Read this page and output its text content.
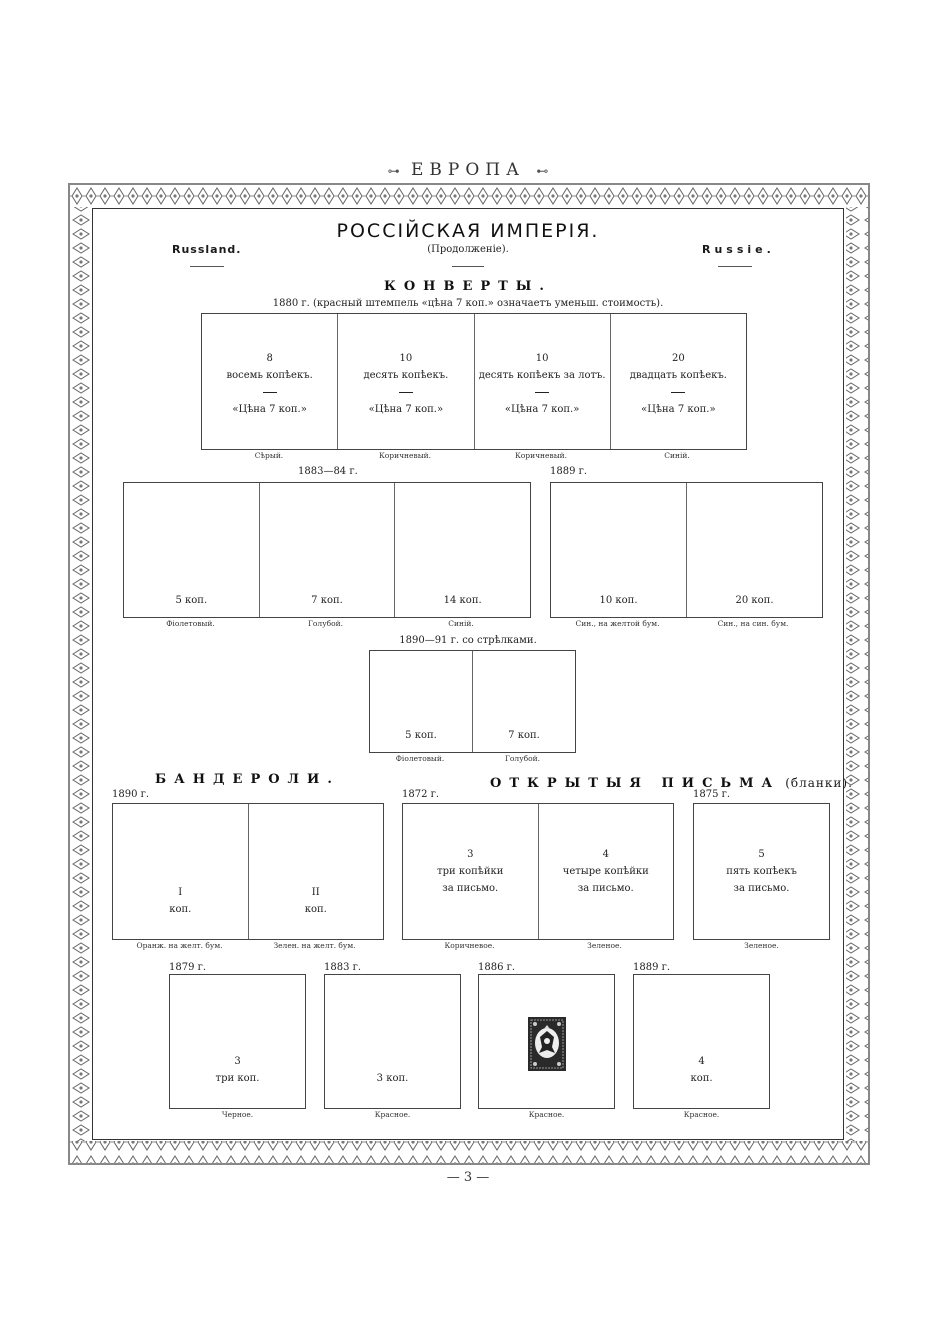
⊶ ЕВРОПА ⊷
РОССІЙСКАЯ ИМПЕРІЯ.
(Продолженіе).
Russland.	Russie.
КОНВЕРТЫ.
1880 г. (красный штемпель «цѣна 7 коп.» означаетъ уменьш. стоимость).
8
восемь копѣекъ.
«Цѣна 7 коп.»
10
десять копѣекъ.
«Цѣна 7 коп.»
10
десять копѣекъ за лотъ.
«Цѣна 7 коп.»
20
двадцать копѣекъ.
«Цѣна 7 коп.»
Сѣрый.	Коричневый.	Коричневый.	Синій.
1883—84 г.
5 коп.	7 коп.	14 коп.
Фіолетовый.	Голубой.	Синій.
1889 г.
10 коп.	20 коп.
Син., на желтой бум.	Син., на син. бум.
1890—91 г. со стрѣлками.
5 коп.	7 коп.
Фіолетовый.	Голубой.
БАНДЕРОЛИ.
1890 г.
I
коп.
II
коп.
Оранж. на желт. бум.	Зелен. на желт. бум.
ОТКРЫТЫЯ ПИСЬМА (бланки).
1872 г.
3
три копѣйки
за письмо.
4
четыре копѣйки
за письмо.
Коричневое.	Зеленое.
1875 г.
5
пять копѣекъ
за письмо.
Зеленое.
1879 г.
3
три коп.
Черное.
1883 г.
3 коп.
Красное.
1886 г.
Красное.
1889 г.
4
коп.
Красное.
— 3 —
